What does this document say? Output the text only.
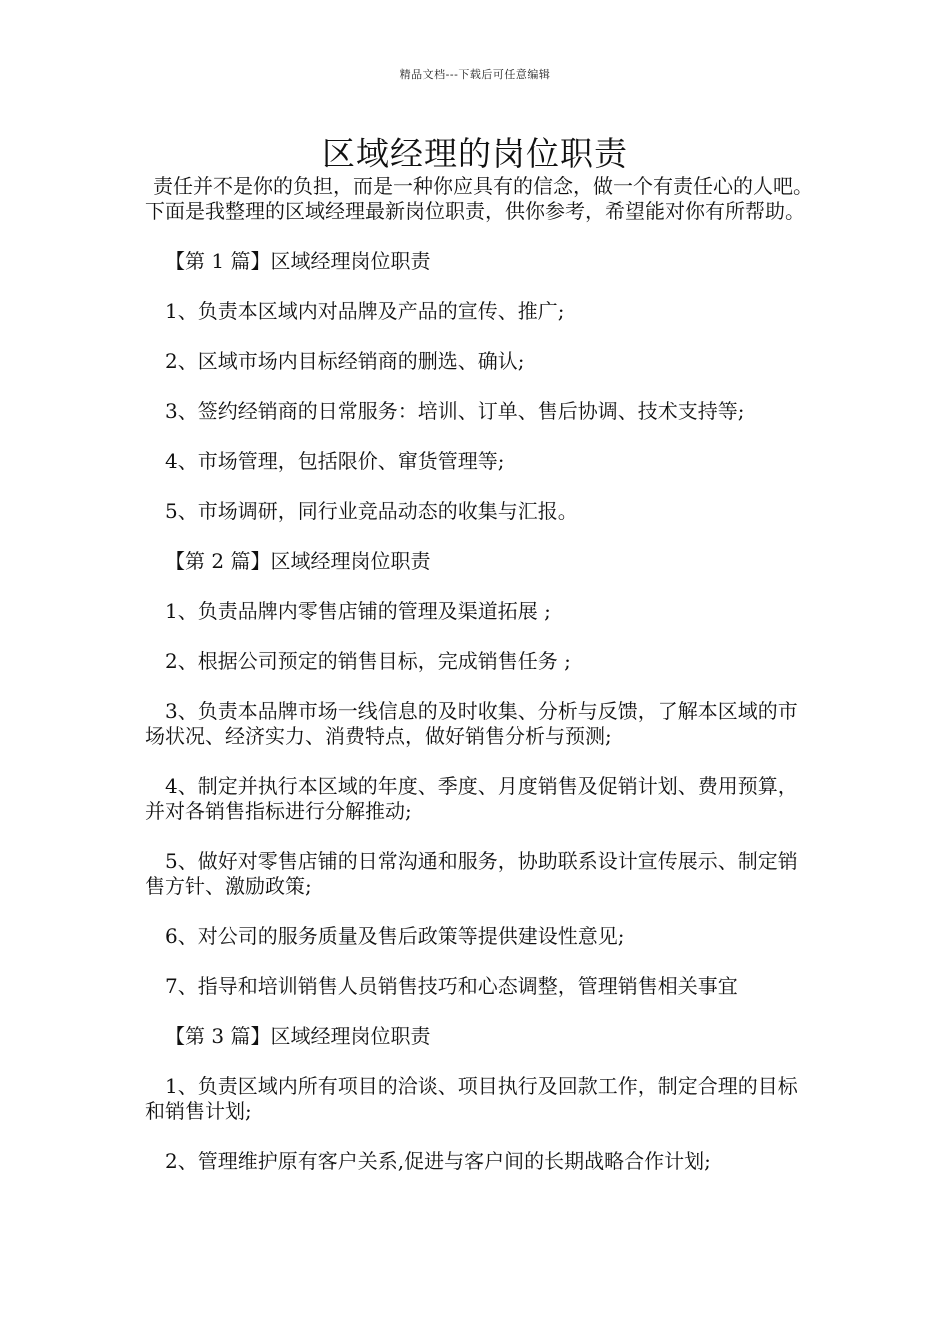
精品文档---下载后可任意编辑
区域经理的岗位职责

责任并不是你的负担，而是一种你应具有的信念，做一个有责任心的人吧。下面是我整理的区域经理最新岗位职责，供你参考，希望能对你有所帮助。

【第 1 篇】区域经理岗位职责

1、负责本区域内对品牌及产品的宣传、推广;

2、区域市场内目标经销商的删选、确认;

3、签约经销商的日常服务：培训、订单、售后协调、技术支持等;

4、市场管理，包括限价、窜货管理等;

5、市场调研，同行业竞品动态的收集与汇报。

【第 2 篇】区域经理岗位职责

1、负责品牌内零售店铺的管理及渠道拓展 ;

2、根据公司预定的销售目标，完成销售任务 ;

3、负责本品牌市场一线信息的及时收集、分析与反馈，了解本区域的市场状况、经济实力、消费特点，做好销售分析与预测;

4、制定并执行本区域的年度、季度、月度销售及促销计划、费用预算，并对各销售指标进行分解推动;

5、做好对零售店铺的日常沟通和服务，协助联系设计宣传展示、制定销售方针、激励政策;

6、对公司的服务质量及售后政策等提供建设性意见;

7、指导和培训销售人员销售技巧和心态调整，管理销售相关事宜

【第 3 篇】区域经理岗位职责

1、负责区域内所有项目的洽谈、项目执行及回款工作，制定合理的目标和销售计划;

2、管理维护原有客户关系,促进与客户间的长期战略合作计划;
